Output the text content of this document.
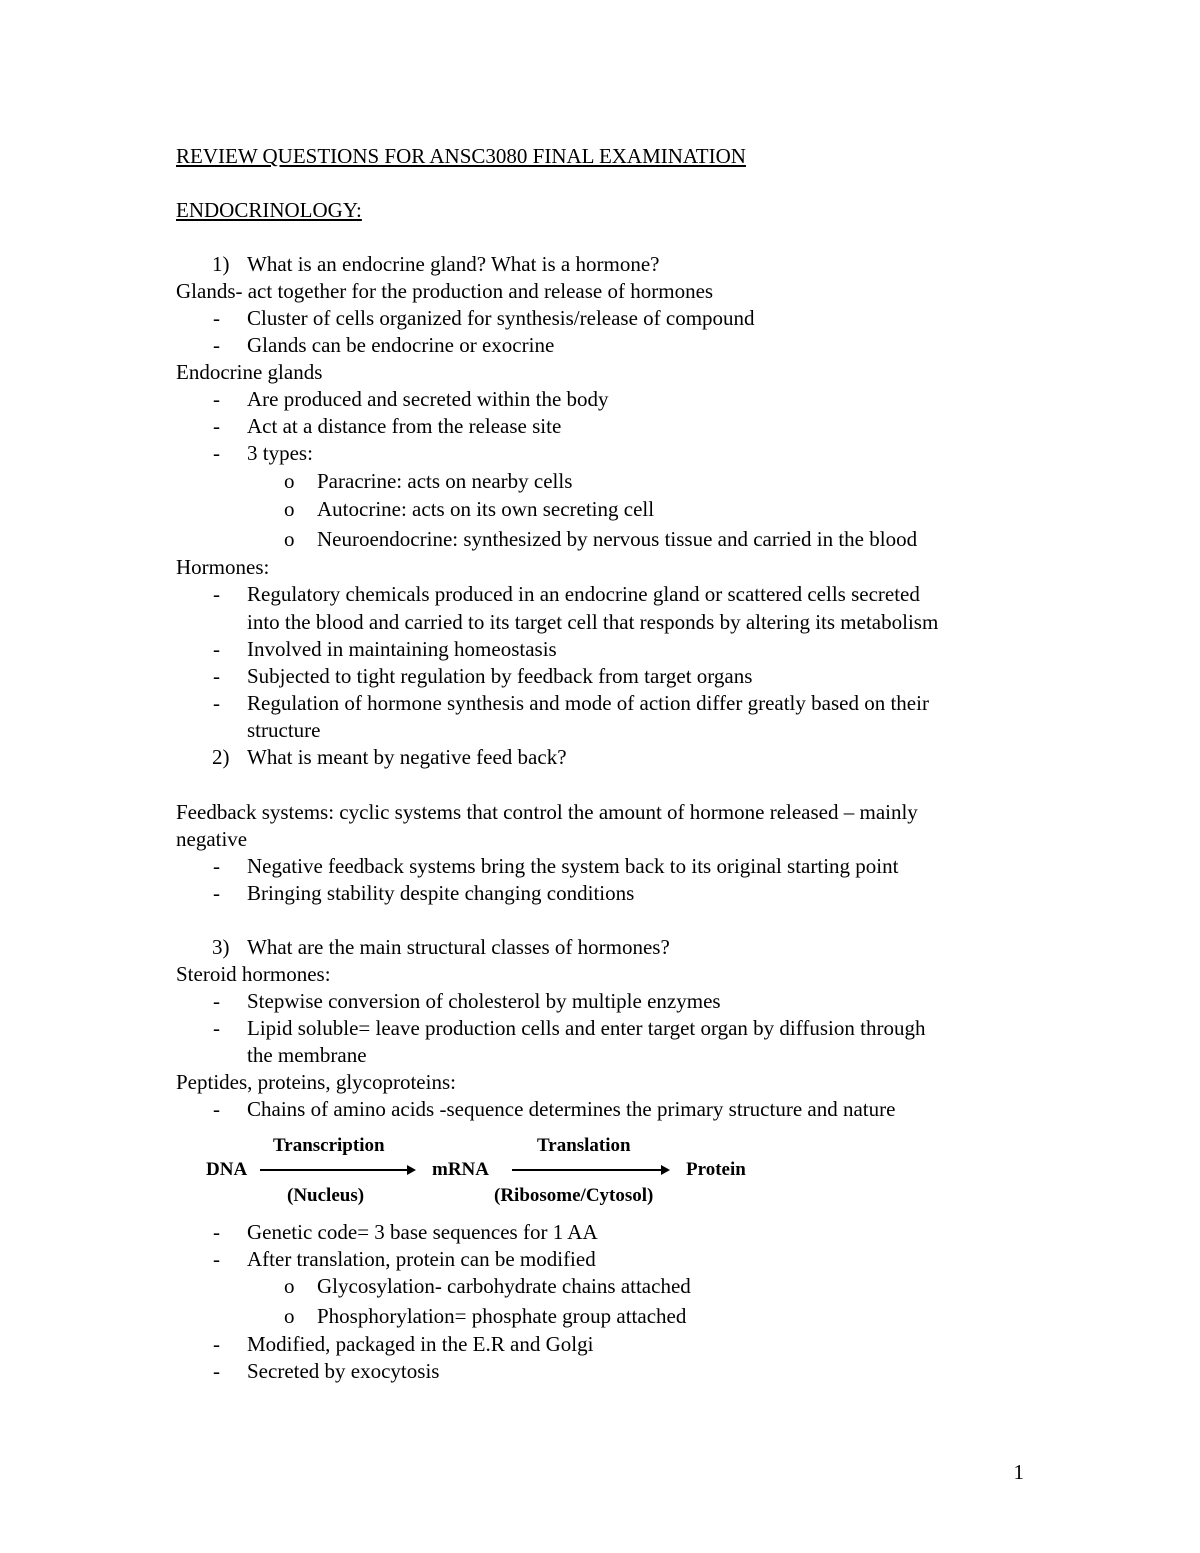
REVIEW QUESTIONS FOR ANSC3080 FINAL EXAMINATION
ENDOCRINOLOGY:
1) What is an endocrine gland? What is a hormone?
Glands- act together for the production and release of hormones
- Cluster of cells organized for synthesis/release of compound
- Glands can be endocrine or exocrine
Endocrine glands
- Are produced and secreted within the body
- Act at a distance from the release site
- 3 types:
o Paracrine: acts on nearby cells
o Autocrine: acts on its own secreting cell
o Neuroendocrine: synthesized by nervous tissue and carried in the blood
Hormones:
- Regulatory chemicals produced in an endocrine gland or scattered cells secreted
into the blood and carried to its target cell that responds by altering its metabolism
- Involved in maintaining homeostasis
- Subjected to tight regulation by feedback from target organs
- Regulation of hormone synthesis and mode of action differ greatly based on their
structure
2) What is meant by negative feed back?
Feedback systems: cyclic systems that control the amount of hormone released – mainly
negative
- Negative feedback systems bring the system back to its original starting point
- Bringing stability despite changing conditions
3) What are the main structural classes of hormones?
Steroid hormones:
- Stepwise conversion of cholesterol by multiple enzymes
- Lipid soluble= leave production cells and enter target organ by diffusion through
the membrane
Peptides, proteins, glycoproteins:
- Chains of amino acids -sequence determines the primary structure and nature
DNA
Transcription
(Nucleus)
mRNA
Translation
(Ribosome/Cytosol)
Protein
- Genetic code= 3 base sequences for 1 AA
- After translation, protein can be modified
o Glycosylation- carbohydrate chains attached
o Phosphorylation= phosphate group attached
- Modified, packaged in the E.R and Golgi
- Secreted by exocytosis
1
